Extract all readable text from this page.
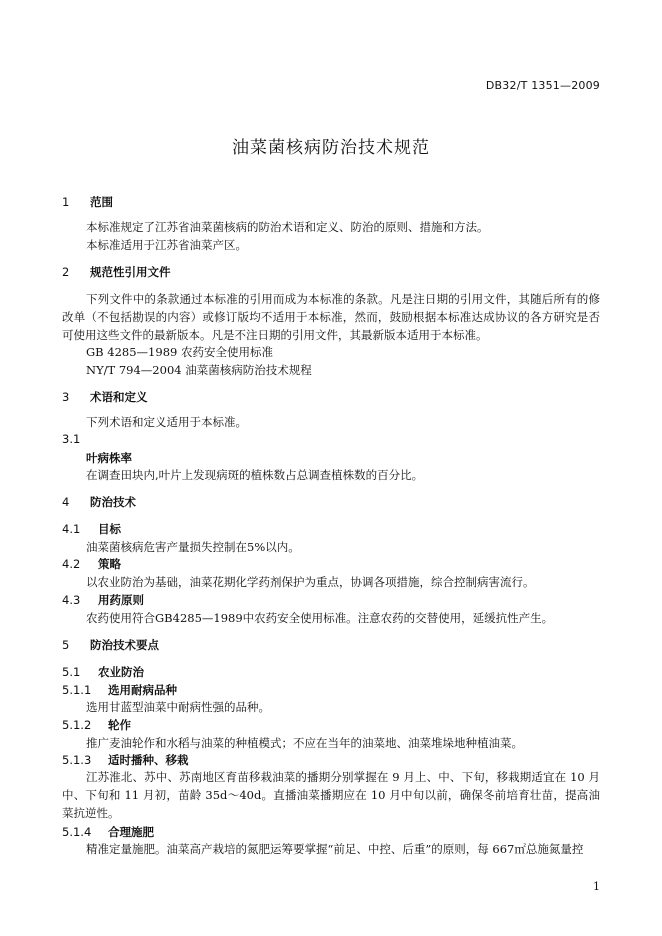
DB32/T 1351—2009
油菜菌核病防治技术规范
1 范围
本标准规定了江苏省油菜菌核病的防治术语和定义、防治的原则、措施和方法。
本标准适用于江苏省油菜产区。
2 规范性引用文件
下列文件中的条款通过本标准的引用而成为本标准的条款。凡是注日期的引用文件，其随后所有的修改单（不包括勘误的内容）或修订版均不适用于本标准，然而，鼓励根据本标准达成协议的各方研究是否可使用这些文件的最新版本。凡是不注日期的引用文件，其最新版本适用于本标准。
GB 4285—1989 农药安全使用标准
NY/T 794—2004 油菜菌核病防治技术规程
3 术语和定义
下列术语和定义适用于本标准。
3.1
叶病株率
在调查田块内,叶片上发现病斑的植株数占总调查植株数的百分比。
4 防治技术
4.1 目标
油菜菌核病危害产量损失控制在5%以内。
4.2 策略
以农业防治为基础，油菜花期化学药剂保护为重点，协调各项措施，综合控制病害流行。
4.3 用药原则
农药使用符合GB4285—1989中农药安全使用标准。注意农药的交替使用，延缓抗性产生。
5 防治技术要点
5.1 农业防治
5.1.1 选用耐病品种
选用甘蓝型油菜中耐病性强的品种。
5.1.2 轮作
推广麦油轮作和水稻与油菜的种植模式；不应在当年的油菜地、油菜堆垛地种植油菜。
5.1.3 适时播种、移栽
江苏淮北、苏中、苏南地区育苗移栽油菜的播期分别掌握在 9 月上、中、下旬，移栽期适宜在 10 月中、下旬和 11 月初，苗龄 35d～40d。直播油菜播期应在 10 月中旬以前，确保冬前培育壮苗，提高油菜抗逆性。
5.1.4 合理施肥
精准定量施肥。油菜高产栽培的氮肥运筹要掌握“前足、中控、后重”的原则，每 667㎡总施氮量控
1
